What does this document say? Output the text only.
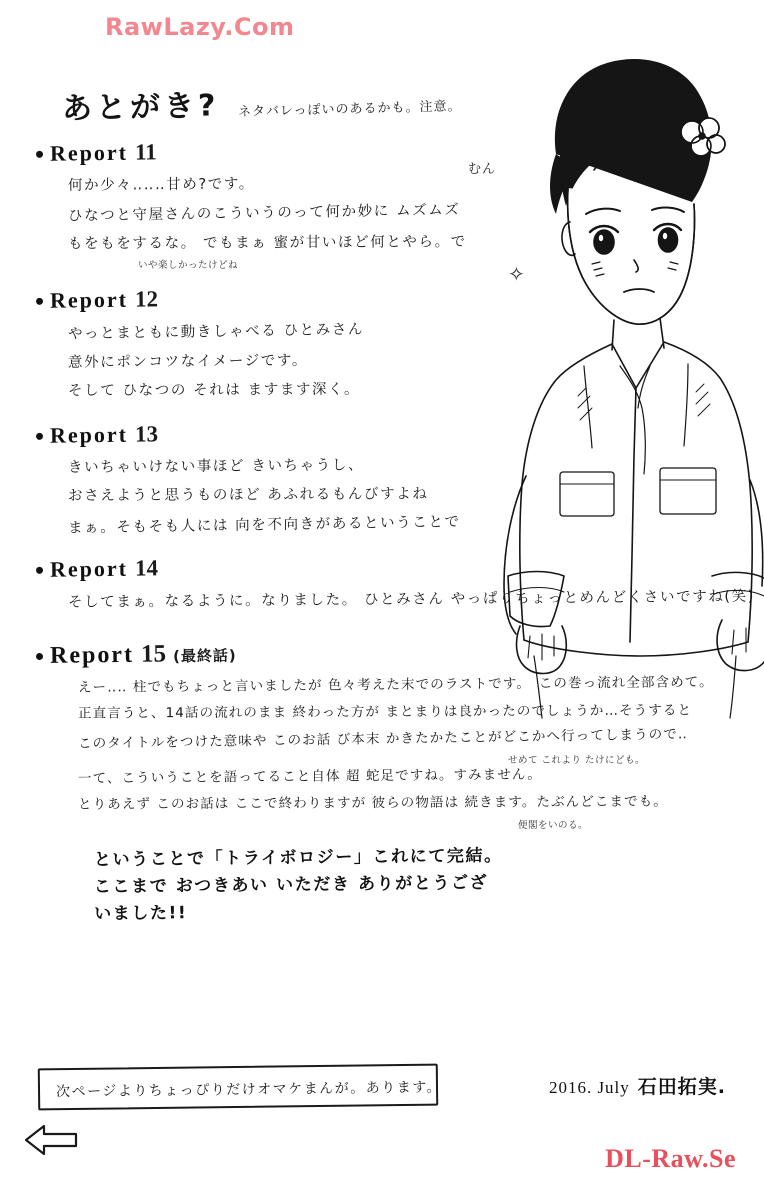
RawLazy.Com
あとがき? ネタバレっぽいのあるかも。注意。
むん
✧
Report 11
何か少々‥‥‥甘め?です。
ひなつと守屋さんのこういうのって何か妙に ムズムズ
もをもをするな。 でもまぁ 蜜が甘いほど何とやら。で
いや楽しかったけどね
Report 12
やっとまともに動きしゃべる ひとみさん
意外にポンコツなイメージです。
そして ひなつの それは ますます深く。
Report 13
きいちゃいけない事ほど きいちゃうし、
おさえようと思うものほど あふれるもんびすよね
まぁ。そもそも人には 向を不向きがあるということで
Report 14
そしてまぁ。なるように。なりました。 ひとみさん やっぱりちょっとめんどくさいですね(笑)
Report 15 (最終話)
えー‥‥ 柱でもちょっと言いましたが 色々考えた末でのラストです。　この巻っ流れ全部含めて。
正直言うと、14話の流れのまま 終わった方が まとまりは良かったのでしょうか…そうすると
このタイトルをつけた意味や このお話 び本末 かきたかたことがどこかへ行ってしまうので‥
せめて これより たけにども。
一て、こういうことを語ってること自体 超 蛇足ですね。すみません。
とりあえず このお話は ここで終わりますが 彼らの物語は 続きます。たぶんどこまでも。
便閣をいのる。
ということで「トライボロジー」これにて完結。
ここまで おつきあい いただき ありがとうございました!!
2016. July 石田拓実.
次ページよりちょっぴりだけオマケまんが。あります。
DL-Raw.Se
